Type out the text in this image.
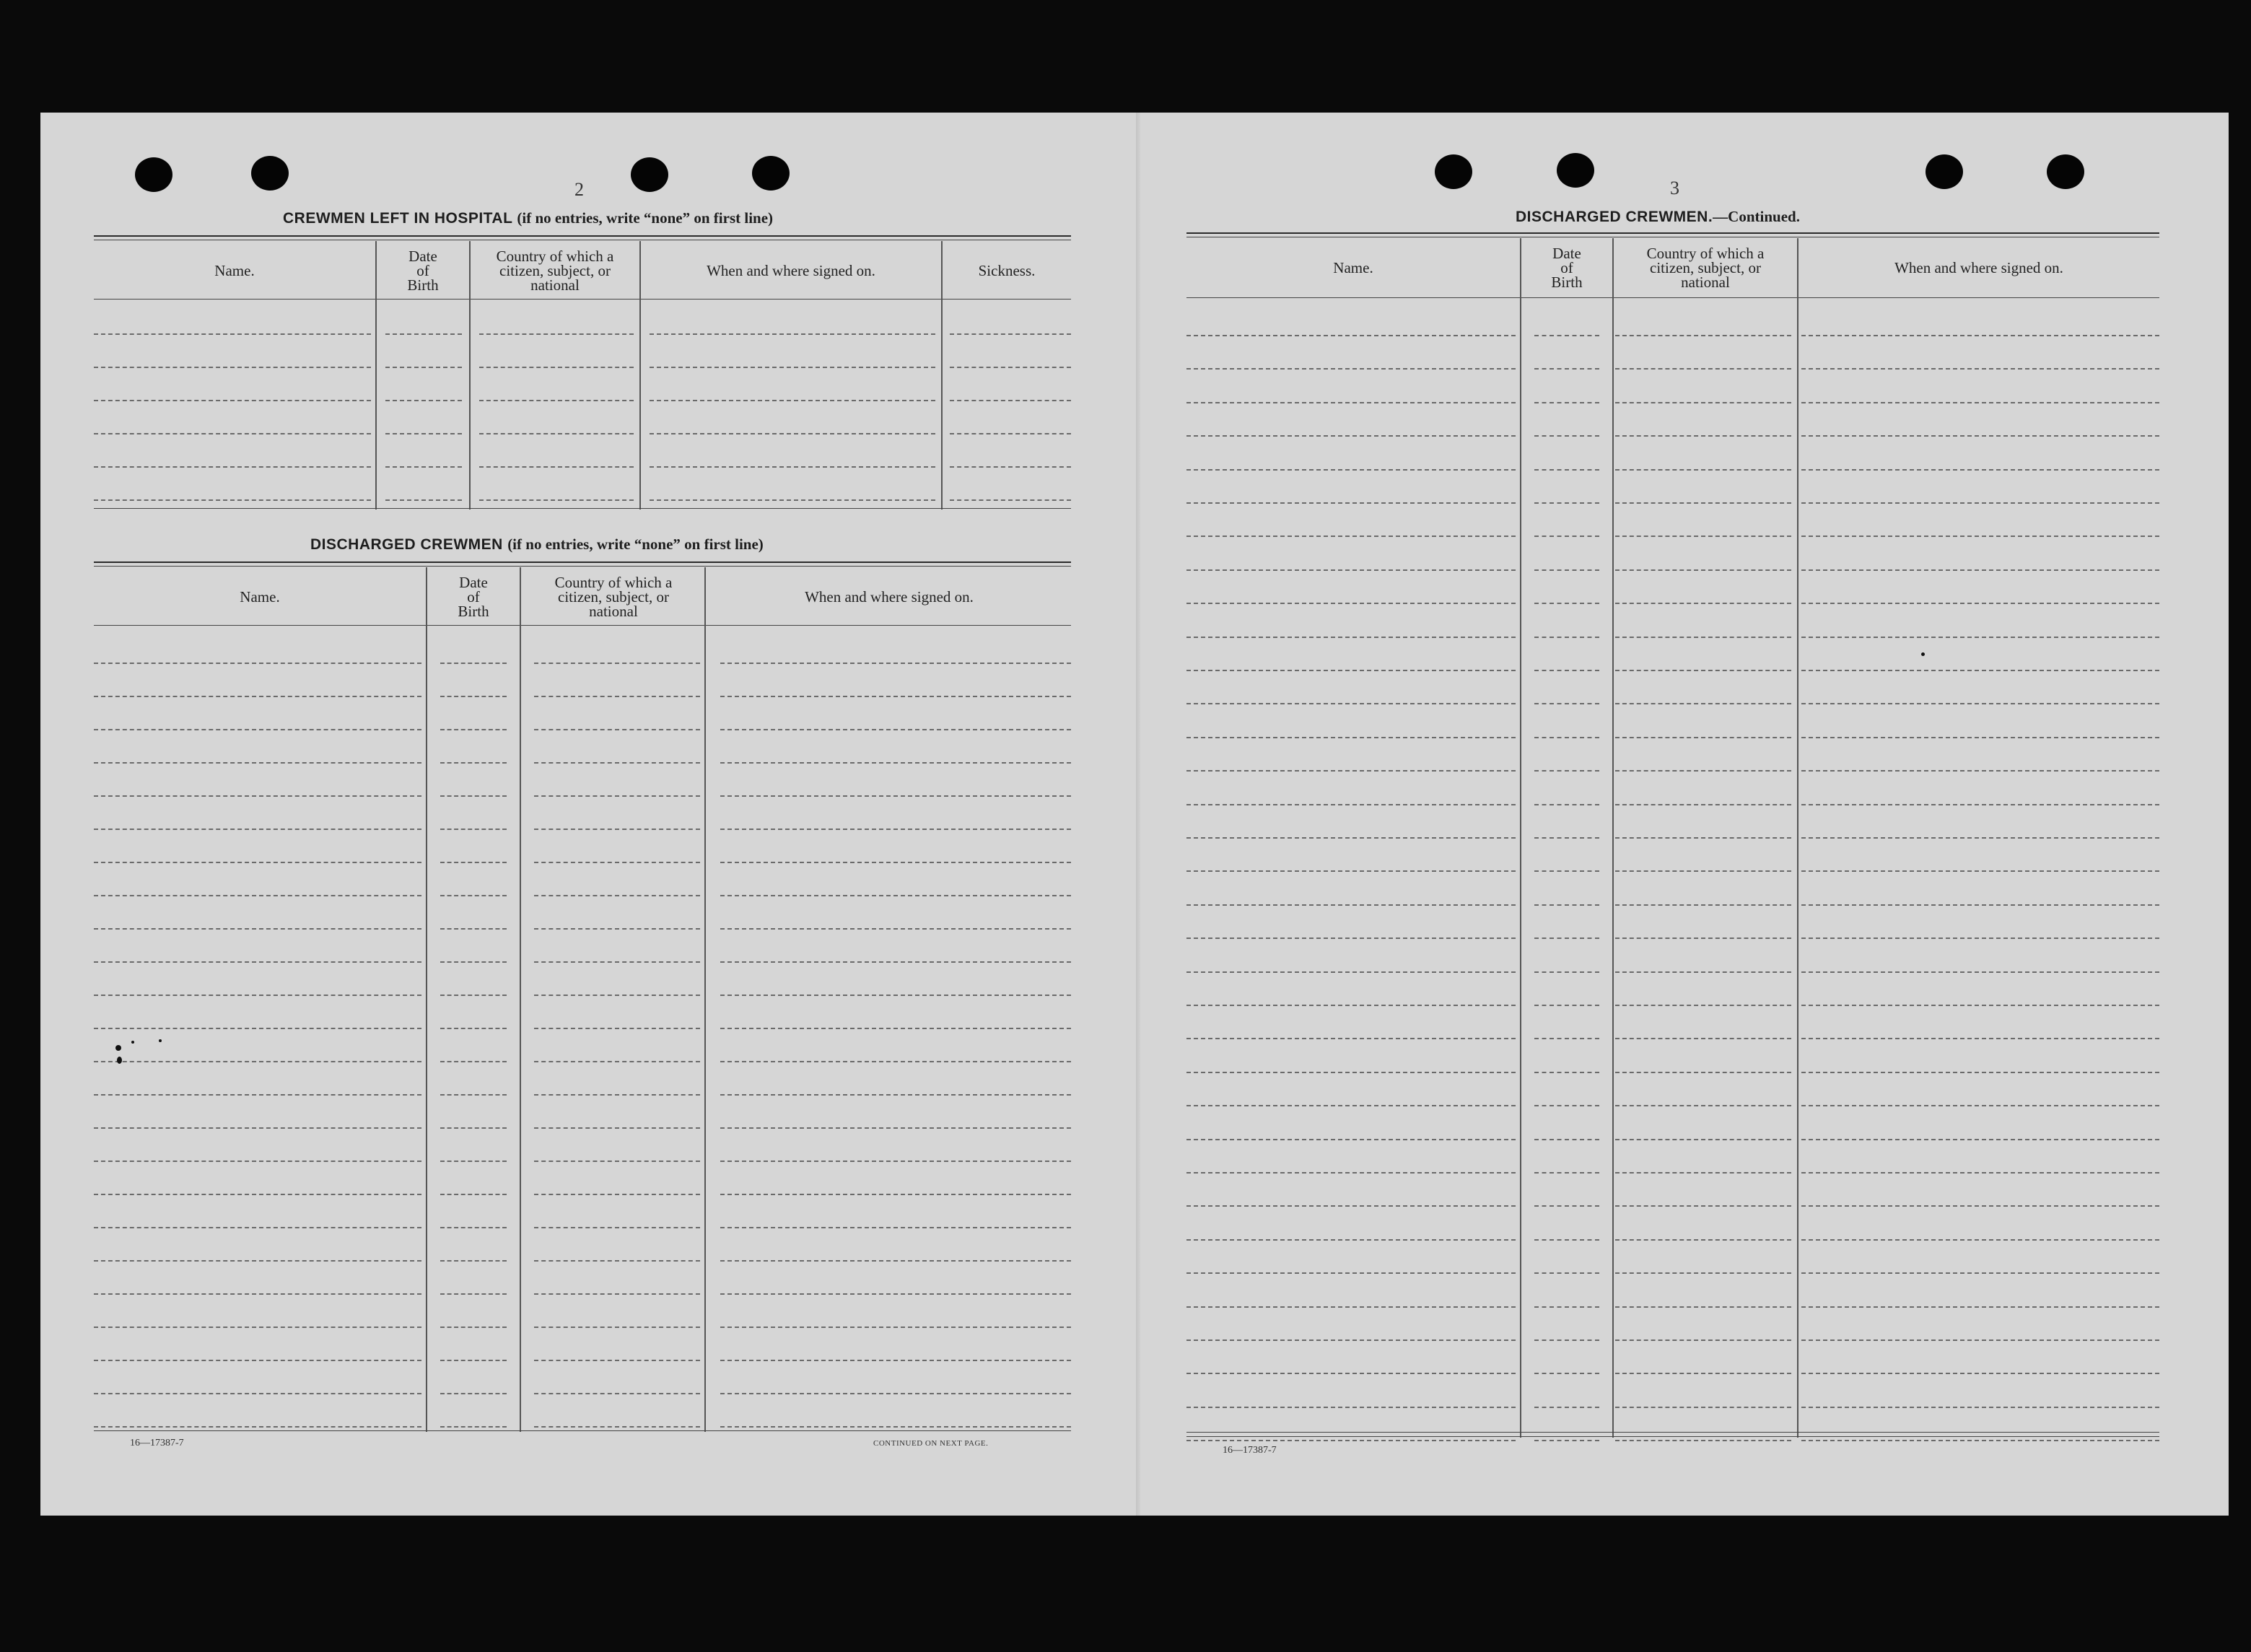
2
CREWMEN LEFT IN HOSPITAL (if no entries, write “none” on first line)
Name.
Date
of
Birth
Country of which a
citizen, subject, or
national
When and where signed on.	Sickness.
DISCHARGED CREWMEN (if no entries, write “none” on first line)
Name.
Date
of
Birth
Country of which a
citizen, subject, or
national
When and where signed on.
16—17387-7	CONTINUED ON NEXT PAGE.
3
DISCHARGED CREWMEN.—Continued.
Name.
Date
of
Birth
Country of which a
citizen, subject, or
national
When and where signed on.
16—17387-7
